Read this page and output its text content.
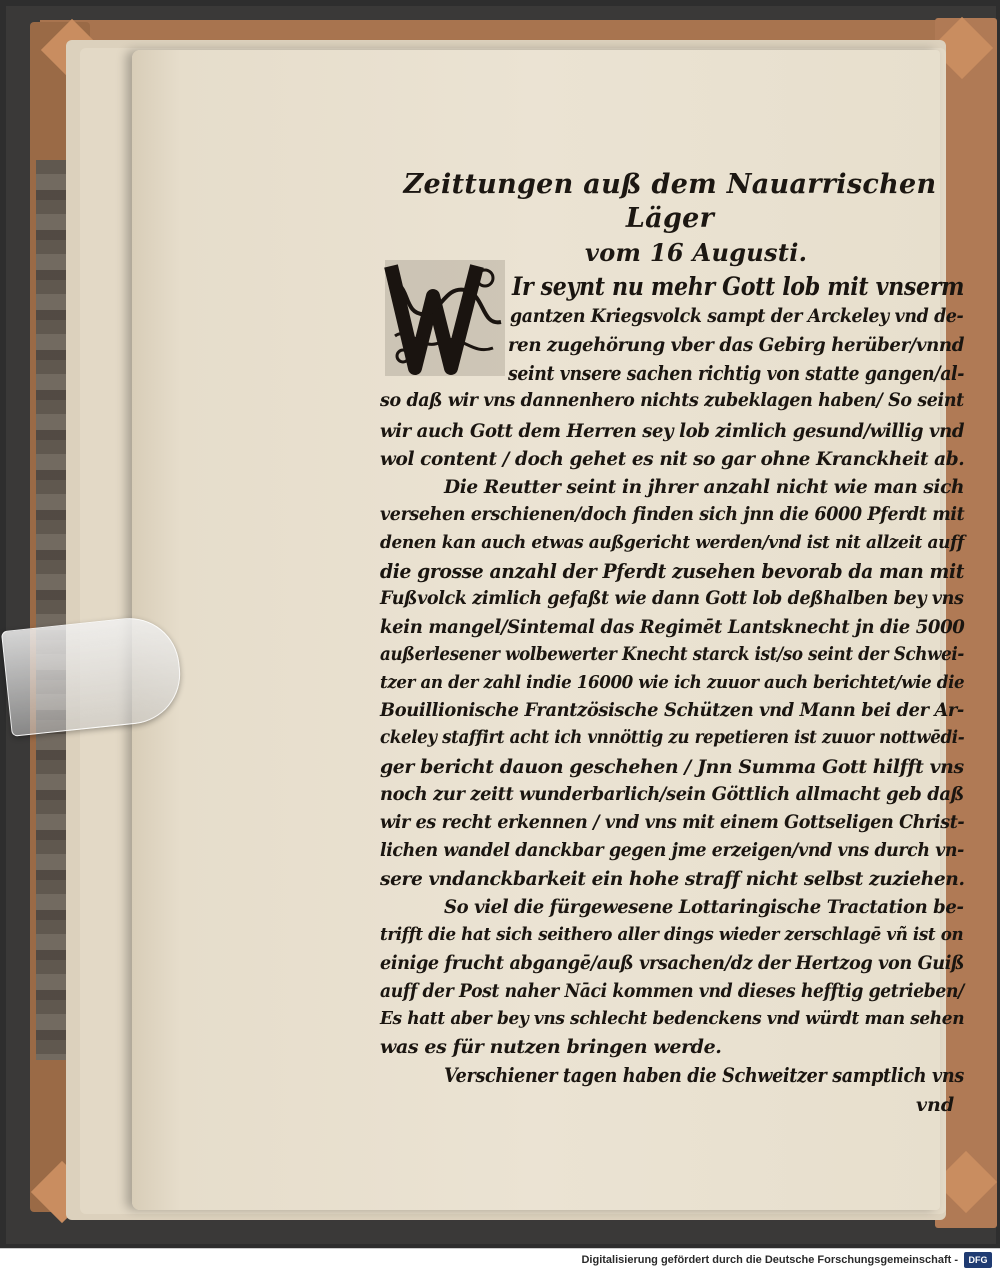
Zeittungen auß dem Nauarrischen Läger
vom 16 Augusti.
Ir seynt nu mehr Gott lob mit vnserm
gantzen Kriegsvolck sampt der Arckeley vnd de-
ren zugehörung vber das Gebirg herüber/vnnd
seint vnsere sachen richtig von statte gangen/al-
so daß wir vns dannenhero nichts zubeklagen haben/ So seint
wir auch Gott dem Herren sey lob zimlich gesund/willig vnd
wol content / doch gehet es nit so gar ohne Kranckheit ab.
Die Reutter seint in jhrer anzahl nicht wie man sich
versehen erschienen/doch finden sich jnn die 6000 Pferdt mit
denen kan auch etwas außgericht werden/vnd ist nit allzeit auff
die grosse anzahl der Pferdt zusehen bevorab da man mit
Fußvolck zimlich gefaßt wie dann Gott lob deßhalben bey vns
kein mangel/Sintemal das Regimēt Lantsknecht jn die 5000
außerlesener wolbewerter Knecht starck ist/so seint der Schwei-
tzer an der zahl indie 16000 wie ich zuuor auch berichtet/wie die
Bouillionische Frantzösische Schützen vnd Mann bei der Ar-
ckeley staffirt acht ich vnnöttig zu repetieren ist zuuor nottwēdi-
ger bericht dauon geschehen / Jnn Summa Gott hilfft vns
noch zur zeitt wunderbarlich/sein Göttlich allmacht geb daß
wir es recht erkennen / vnd vns mit einem Gottseligen Christ-
lichen wandel danckbar gegen jme erzeigen/vnd vns durch vn-
sere vndanckbarkeit ein hohe straff nicht selbst zuziehen.
So viel die fürgewesene Lottaringische Tractation be-
trifft die hat sich seithero aller dings wieder zerschlagē vñ ist on
einige frucht abgangē/auß vrsachen/dz der Hertzog von Guiß
auff der Post naher Nāci kommen vnd dieses hefftig getrieben/
Es hatt aber bey vns schlecht bedenckens vnd würdt man sehen
was es für nutzen bringen werde.
Verschiener tagen haben die Schweitzer samptlich vns
vnd
Digitalisierung gefördert durch die Deutsche Forschungsgemeinschaft -	DFG
